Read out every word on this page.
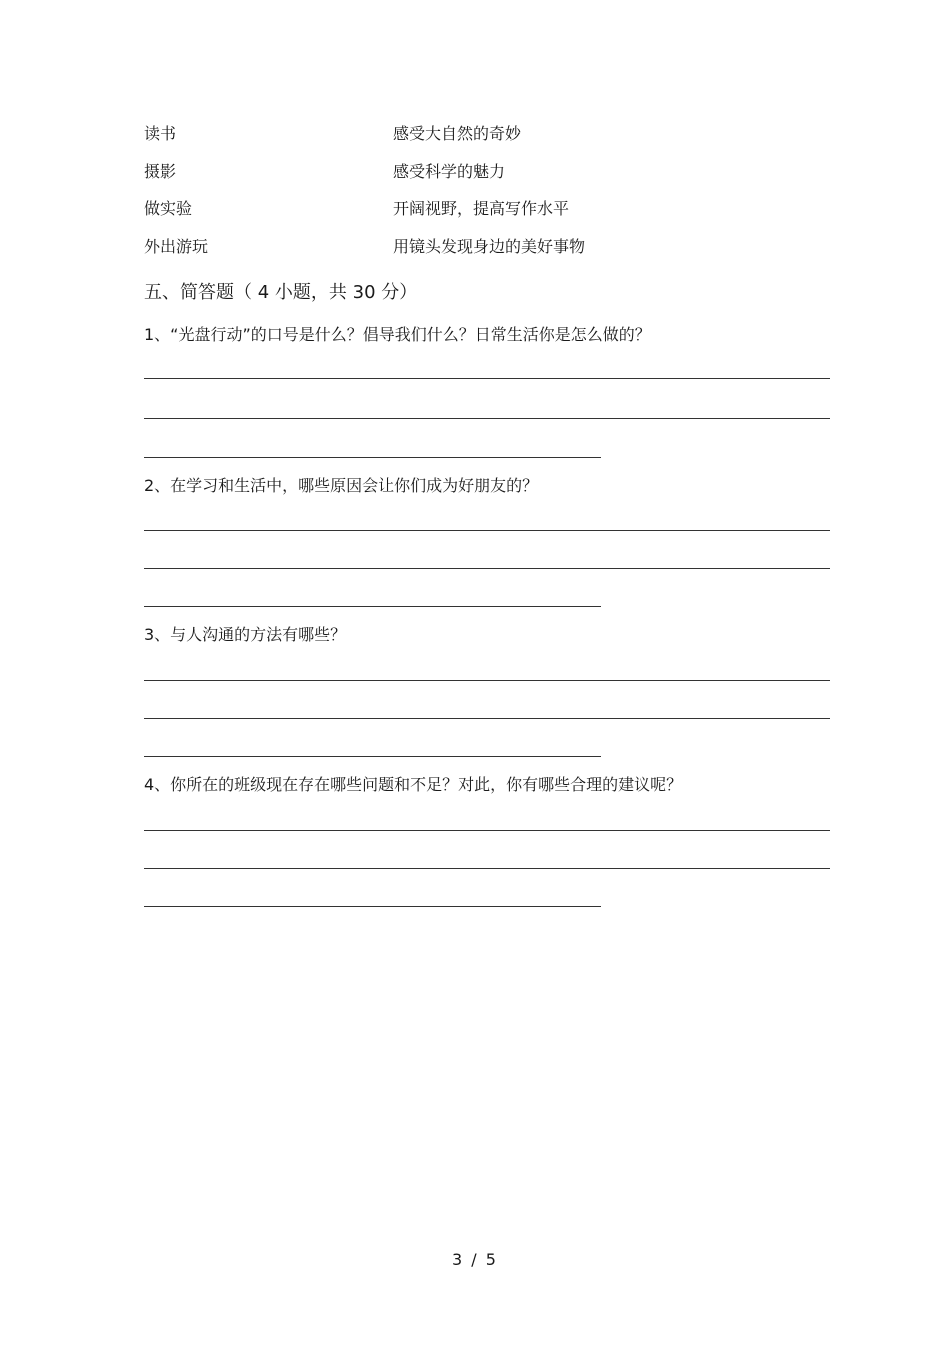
读书	感受大自然的奇妙
摄影	感受科学的魅力
做实验	开阔视野，提高写作水平
外出游玩	用镜头发现身边的美好事物
五、简答题（ 4 小题，共 30 分）
1、“光盘行动”的口号是什么？倡导我们什么？日常生活你是怎么做的？
2、在学习和生活中，哪些原因会让你们成为好朋友的？
3、与人沟通的方法有哪些？
4、你所在的班级现在存在哪些问题和不足？对此，你有哪些合理的建议呢？
3 / 5
